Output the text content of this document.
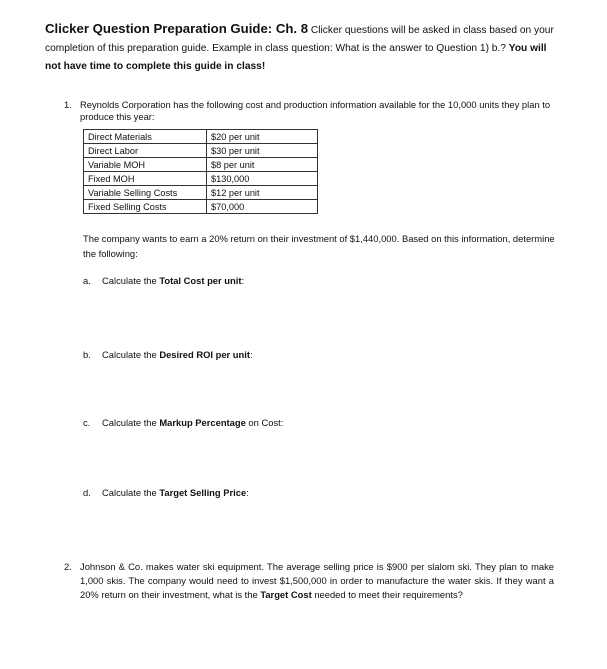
Clicker Question Preparation Guide: Ch. 8 Clicker questions will be asked in class based on your completion of this preparation guide. Example in class question: What is the answer to Question 1) b.? You will not have time to complete this guide in class!
1. Reynolds Corporation has the following cost and production information available for the 10,000 units they plan to produce this year:
Direct Materials	$20 per unit
Direct Labor	$30 per unit
Variable MOH	$8 per unit
Fixed MOH	$130,000
Variable Selling Costs	$12 per unit
Fixed Selling Costs	$70,000
The company wants to earn a 20% return on their investment of $1,440,000. Based on this information, determine the following:
a. Calculate the Total Cost per unit:
b. Calculate the Desired ROI per unit:
c. Calculate the Markup Percentage on Cost:
d. Calculate the Target Selling Price:
2. Johnson & Co. makes water ski equipment. The average selling price is $900 per slalom ski. They plan to make 1,000 skis. The company would need to invest $1,500,000 in order to manufacture the water skis. If they want a 20% return on their investment, what is the Target Cost needed to meet their requirements?
